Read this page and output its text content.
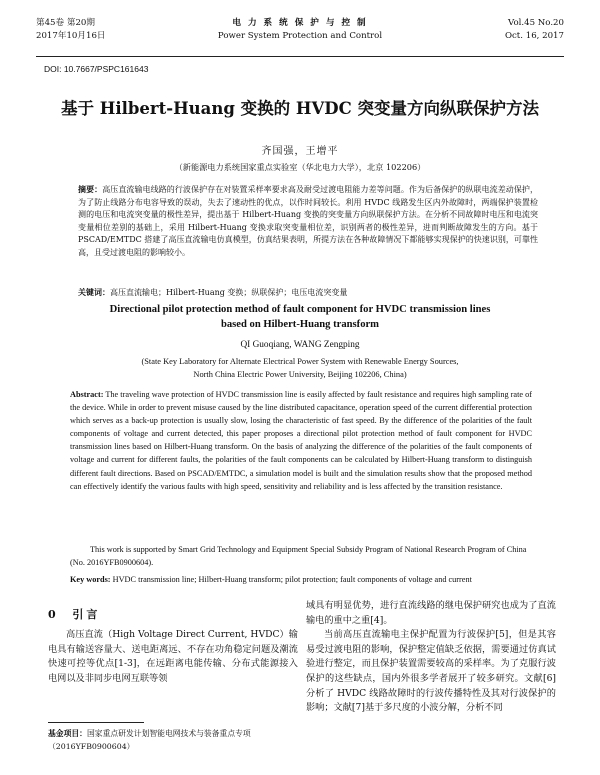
第45卷 第20期
2017年10月16日
电 力 系 统 保 护 与 控 制
Power System Protection and Control
Vol.45 No.20
Oct. 16, 2017
DOI: 10.7667/PSPC161643
基于 Hilbert-Huang 变换的 HVDC 突变量方向纵联保护方法
齐国强，王增平
（新能源电力系统国家重点实验室（华北电力大学），北京 102206）
摘要：高压直流输电线路的行波保护存在对装置采样率要求高及耐受过渡电阻能力差等问题。作为后备保护的纵联电流差动保护，为了防止线路分布电容导致的误动，失去了速动性的优点，以作时间较长。利用 HVDC 线路发生区内外故障时，两端保护装置检测的电压和电流突变量的极性差异，提出基于 Hilbert-Huang 变换的突变量方向纵联保护方法。在分析不同故障时电压和电流突变量相位差别的基础上，采用 Hilbert-Huang 变换求取突变量相位差，识别两者的极性差异，进而判断故障发生的方向。基于 PSCAD/EMTDC 搭建了高压直流输电仿真模型，仿真结果表明，所提方法在各种故障情况下都能够实现保护的快速识别，可靠性高，且受过渡电阻的影响较小。
关键词：高压直流输电；Hilbert-Huang 变换；纵联保护；电压电流突变量
Directional pilot protection method of fault component for HVDC transmission lines based on Hilbert-Huang transform
QI Guoqiang, WANG Zengping
(State Key Laboratory for Alternate Electrical Power System with Renewable Energy Sources,
North China Electric Power University, Beijing 102206, China)
Abstract: The traveling wave protection of HVDC transmission line is easily affected by fault resistance and requires high sampling rate of the device. While in order to prevent misuse caused by the line distributed capacitance, operation speed of the current differential protection which serves as a back-up protection is usually slow, losing the characteristic of fast speed. By the difference of the polarities of the fault components of voltage and current detected, this paper proposes a directional pilot protection method of fault component for HVDC transmission lines based on Hilbert-Huang transform. On the basis of analyzing the difference of the polarities of the fault components of voltage and current for different faults, the polarities of the fault components can be calculated by Hilbert-Huang transform to distinguish different fault directions. Based on PSCAD/EMTDC, a simulation model is built and the simulation results show that the proposed method can effectively identify the various faults with high speed, sensitivity and reliability and is less affected by the transition resistance.
This work is supported by Smart Grid Technology and Equipment Special Subsidy Program of National Research Program of China (No. 2016YFB0900604).
Key words: HVDC transmission line; Hilbert-Huang transform; pilot protection; fault components of voltage and current
0 引言
高压直流（High Voltage Direct Current, HVDC）输电具有输送容量大、送电距离远、不存在功角稳定问题及潮流快速可控等优点[1-3]，在远距离电能传输、分布式能源接入电网以及非同步电网互联等领

域具有明显优势，进行直流线路的继电保护研究也成为了直流输电的重中之重[4]。

当前高压直流输电主保护配置为行波保护[5]，但是其容易受过渡电阻的影响，保护整定值缺乏依据，需要通过仿真试验进行整定，而且保护装置需要较高的采样率。为了克服行波保护的这些缺点，国内外很多学者展开了较多研究。文献[6]分析了 HVDC 线路故障时的行波传播特性及其对行波保护的影响；文献[7]基于多尺度的小波分解，分析不同

基金项目：国家重点研发计划智能电网技术与装备重点专项（2016YFB0900604）
